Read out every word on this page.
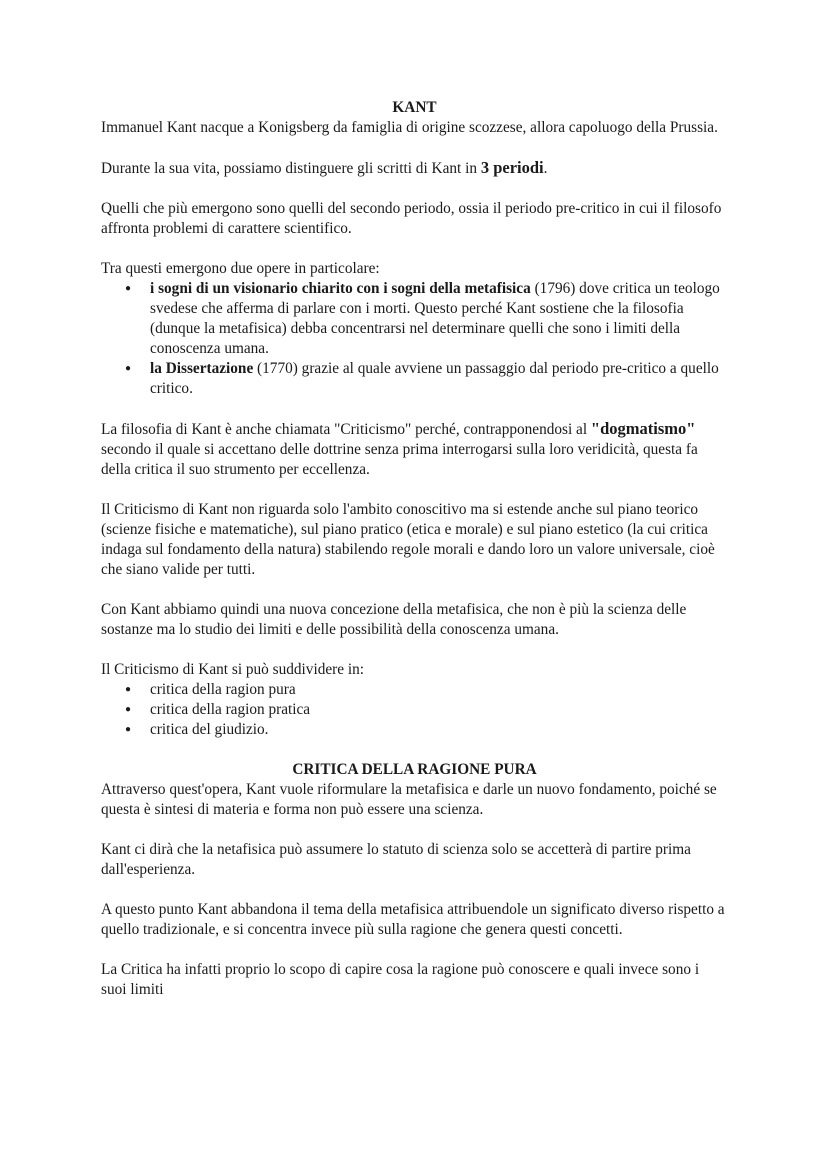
KANT

Immanuel Kant nacque a Konigsberg da famiglia di origine scozzese, allora capoluogo della Prussia.

Durante la sua vita, possiamo distinguere gli scritti di Kant in 3 periodi.

Quelli che più emergono sono quelli del secondo periodo, ossia il periodo pre-critico in cui il filosofo affronta problemi di carattere scientifico.

Tra questi emergono due opere in particolare:

● i sogni di un visionario chiarito con i sogni della metafisica (1796) dove critica un teologo svedese che afferma di parlare con i morti. Questo perché Kant sostiene che la filosofia (dunque la metafisica) debba concentrarsi nel determinare quelli che sono i limiti della conoscenza umana.
● la Dissertazione (1770) grazie al quale avviene un passaggio dal periodo pre-critico a quello critico.

La filosofia di Kant è anche chiamata "Criticismo" perché, contrapponendosi al "dogmatismo" secondo il quale si accettano delle dottrine senza prima interrogarsi sulla loro veridicità, questa fa della critica il suo strumento per eccellenza.

Il Criticismo di Kant non riguarda solo l'ambito conoscitivo ma si estende anche sul piano teorico (scienze fisiche e matematiche), sul piano pratico (etica e morale) e sul piano estetico (la cui critica indaga sul fondamento della natura) stabilendo regole morali e dando loro un valore universale, cioè che siano valide per tutti.

Con Kant abbiamo quindi una nuova concezione della metafisica, che non è più la scienza delle sostanze ma lo studio dei limiti e delle possibilità della conoscenza umana.

Il Criticismo di Kant si può suddividere in:

● critica della ragion pura
● critica della ragion pratica
● critica del giudizio.
CRITICA DELLA RAGIONE PURA

Attraverso quest'opera, Kant vuole riformulare la metafisica e darle un nuovo fondamento, poiché se questa è sintesi di materia e forma non può essere una scienza.

Kant ci dirà che la netafisica può assumere lo statuto di scienza solo se accetterà di partire prima dall'esperienza.

A questo punto Kant abbandona il tema della metafisica attribuendole un significato diverso rispetto a quello tradizionale, e si concentra invece più sulla ragione che genera questi concetti.

La Critica ha infatti proprio lo scopo di capire cosa la ragione può conoscere e quali invece sono i suoi limiti
